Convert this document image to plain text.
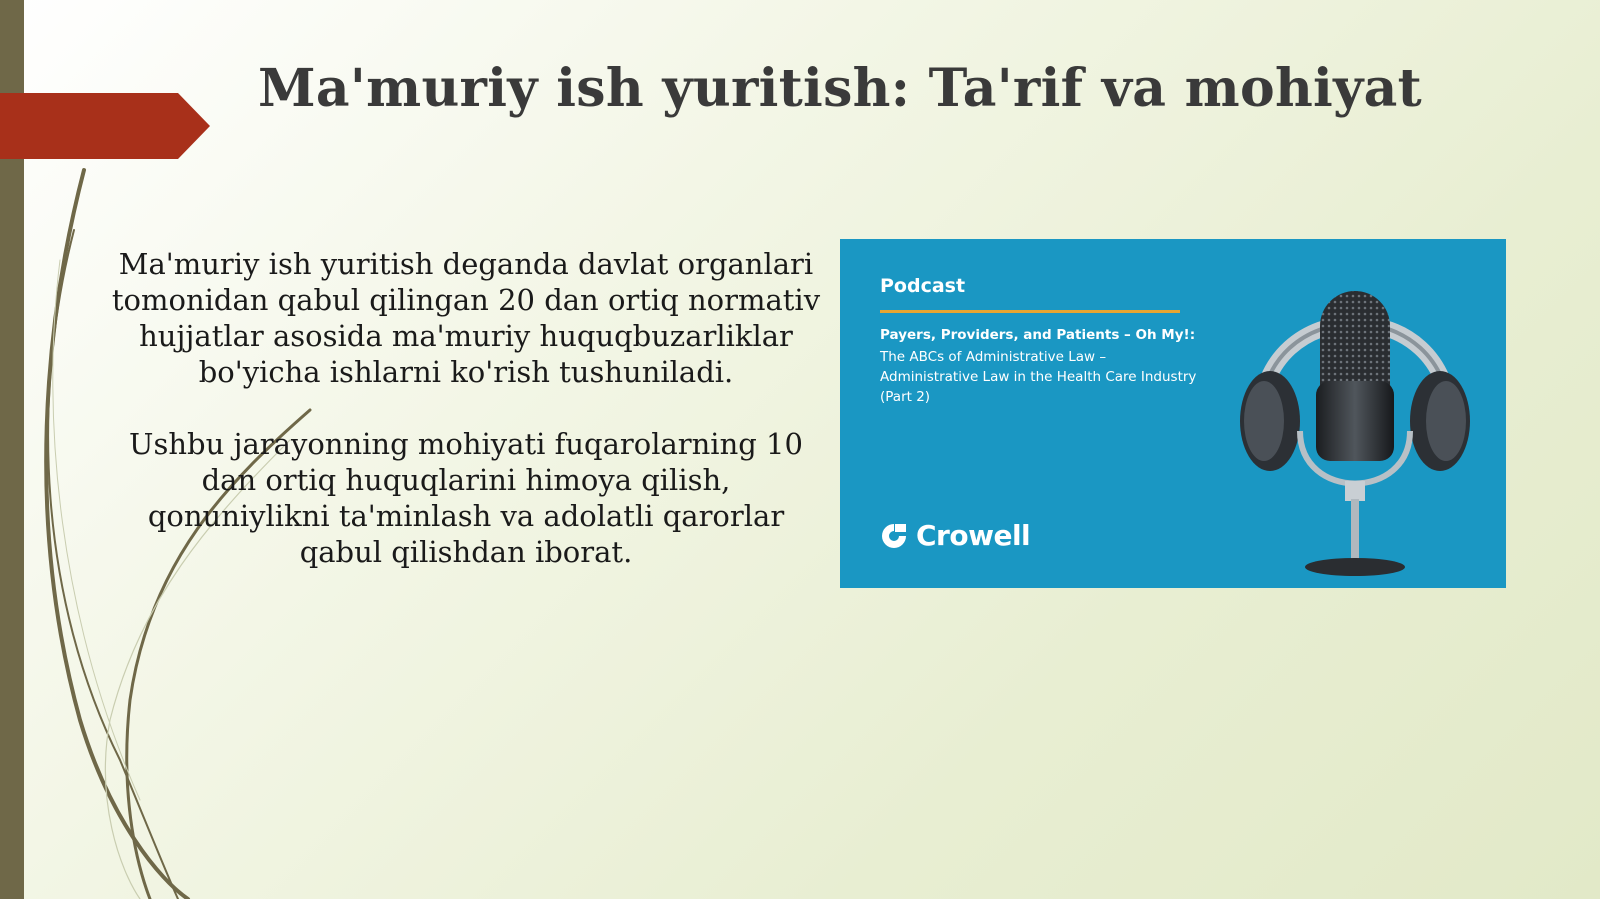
Ma'muriy ish yuritish: Ta'rif va mohiyat

Ma'muriy ish yuritish deganda davlat organlari tomonidan qabul qilingan 20 dan ortiq normativ hujjatlar asosida ma'muriy huquqbuzarliklar bo'yicha ishlarni ko'rish tushuniladi.

Ushbu jarayonning mohiyati fuqarolarning 10 dan ortiq huquqlarini himoya qilish, qonuniylikni ta'minlash va adolatli qarorlar qabul qilishdan iborat.

Podcast
Payers, Providers, and Patients – Oh My!:
The ABCs of Administrative Law – Administrative Law in the Health Care Industry (Part 2)
Crowell
